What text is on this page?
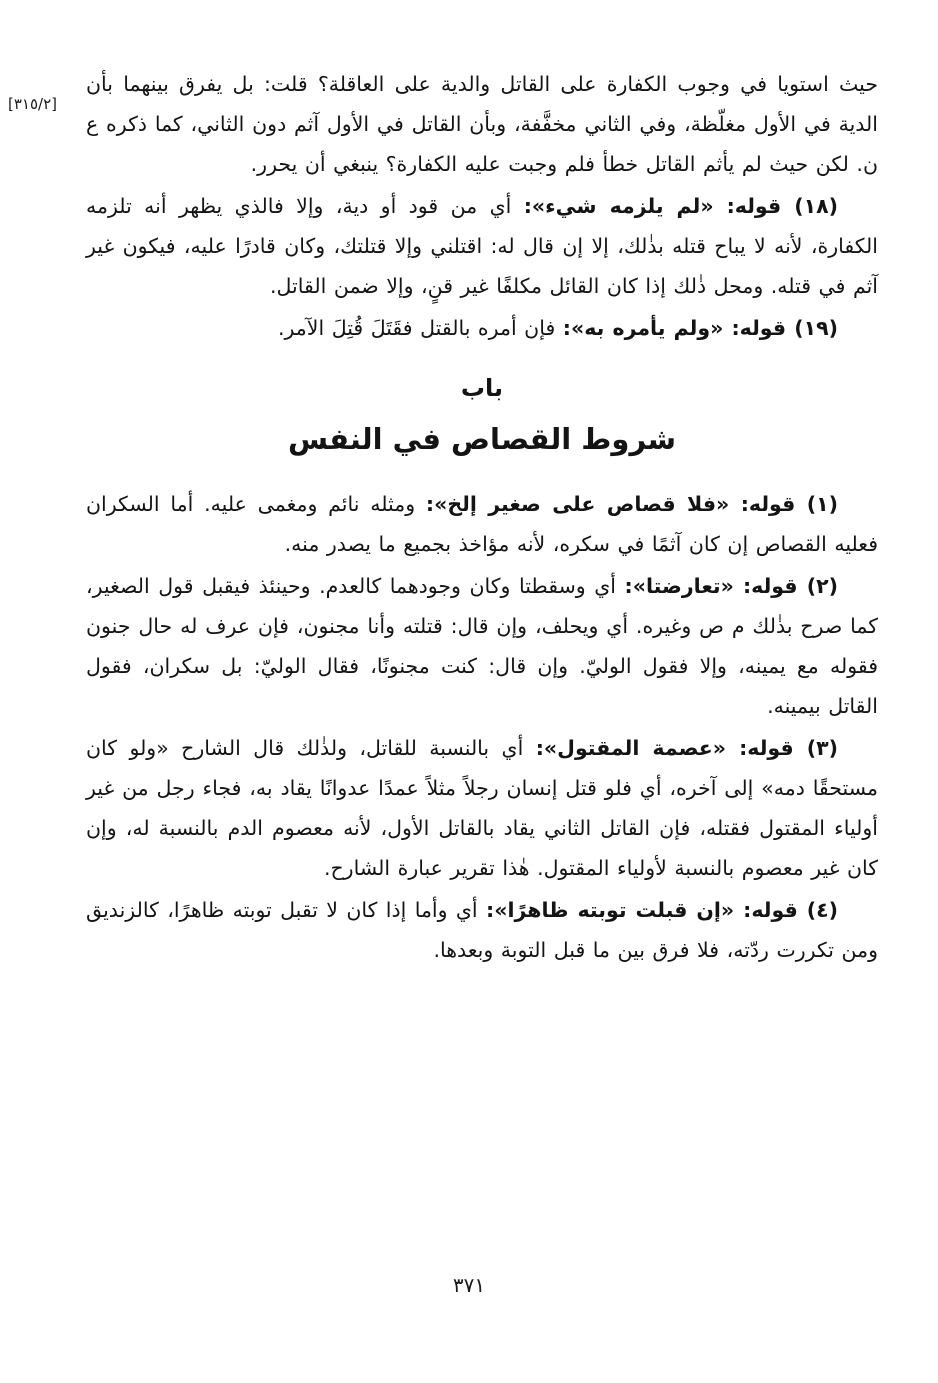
[٣١٥/٢]

حيث استويا في وجوب الكفارة على القاتل والدية على العاقلة؟ قلت: بل يفرق بينهما بأن الدية في الأول مغلّظة، وفي الثاني مخفَّفة، وبأن القاتل في الأول آثم دون الثاني، كما ذكره ع ن. لكن حيث لم يأثم القاتل خطأ فلم وجبت عليه الكفارة؟ ينبغي أن يحرر.

(١٨) قوله: «لم يلزمه شيء»: أي من قود أو دية، وإلا فالذي يظهر أنه تلزمه الكفارة، لأنه لا يباح قتله بذٰلك، إلا إن قال له: اقتلني وإلا قتلتك، وكان قادرًا عليه، فيكون غير آثم في قتله. ومحل ذٰلك إذا كان القائل مكلفًا غير قنٍ، وإلا ضمن القاتل.

(١٩) قوله: «ولم يأمره به»: فإن أمره بالقتل فقَتَلَ قُتِلَ الآمر.

باب
شروط القصاص في النفس

(١) قوله: «فلا قصاص على صغير إلخ»: ومثله نائم ومغمى عليه. أما السكران فعليه القصاص إن كان آثمًا في سكره، لأنه مؤاخذ بجميع ما يصدر منه.

(٢) قوله: «تعارضتا»: أي وسقطتا وكان وجودهما كالعدم. وحينئذ فيقبل قول الصغير، كما صرح بذٰلك م ص وغيره. أي ويحلف، وإن قال: قتلته وأنا مجنون، فإن عرف له حال جنون فقوله مع يمينه، وإلا فقول الوليّ. وإن قال: كنت مجنونًا، فقال الوليّ: بل سكران، فقول القاتل بيمينه.

(٣) قوله: «عصمة المقتول»: أي بالنسبة للقاتل، ولذٰلك قال الشارح «ولو كان مستحقًا دمه» إلى آخره، أي فلو قتل إنسان رجلاً مثلاً عمدًا عدوانًا يقاد به، فجاء رجل من غير أولياء المقتول فقتله، فإن القاتل الثاني يقاد بالقاتل الأول، لأنه معصوم الدم بالنسبة له، وإن كان غير معصوم بالنسبة لأولياء المقتول. هٰذا تقرير عبارة الشارح.

(٤) قوله: «إن قبلت توبته ظاهرًا»: أي وأما إذا كان لا تقبل توبته ظاهرًا، كالزنديق ومن تكررت ردّته، فلا فرق بين ما قبل التوبة وبعدها.

٣٧١
